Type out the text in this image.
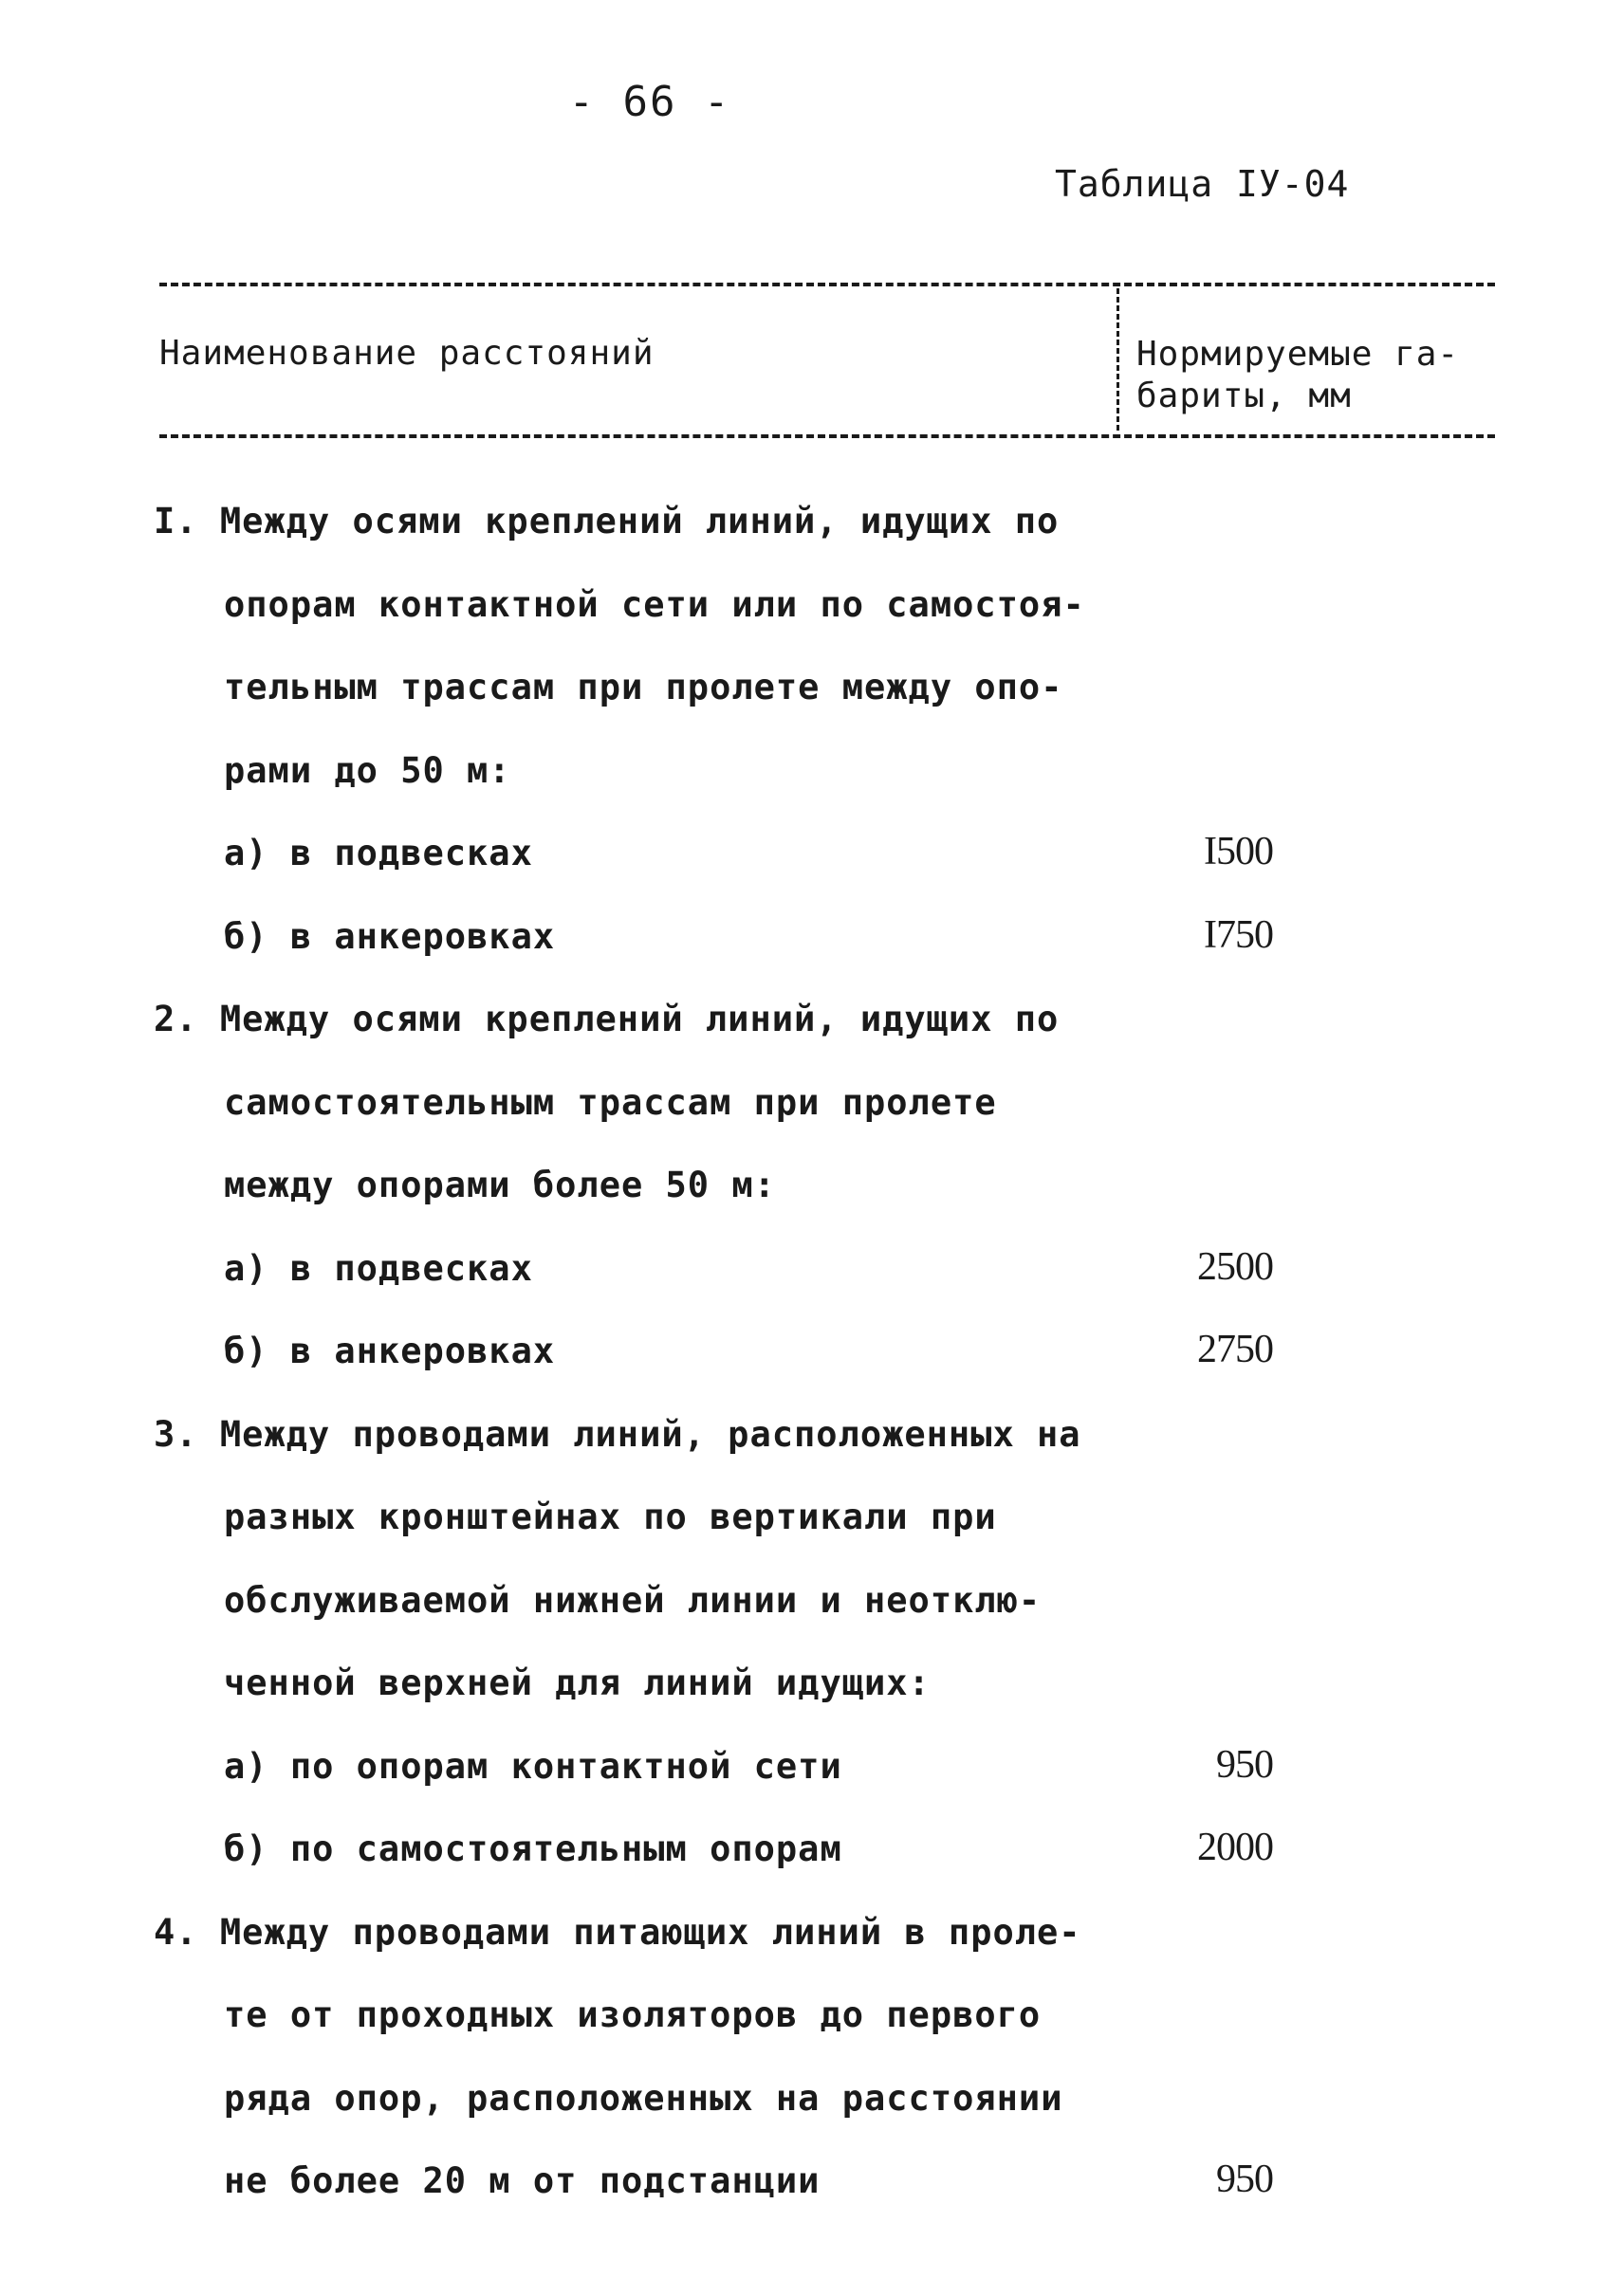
- 66 -
Таблица IУ-04
Наименование расстояний	Нормируемые га-
бариты, мм
I. Между осями креплений линий, идущих по
опорам контактной сети или по самостоя-
тельным трассам при пролете между опо-
рами до 50 м:
а) в подвесках	I500
б) в анкеровках	I750
2. Между осями креплений линий, идущих по
самостоятельным трассам при пролете
между опорами более 50 м:
а) в подвесках	2500
б) в анкеровках	2750
3. Между проводами линий, расположенных на
разных кронштейнах по вертикали при
обслуживаемой нижней линии и неотклю-
ченной верхней для линий идущих:
а) по опорам контактной сети	950
б) по самостоятельным опорам	2000
4. Между проводами питающих линий в проле-
те от проходных изоляторов до первого
ряда опор, расположенных на расстоянии
не более 20 м от подстанции	950
